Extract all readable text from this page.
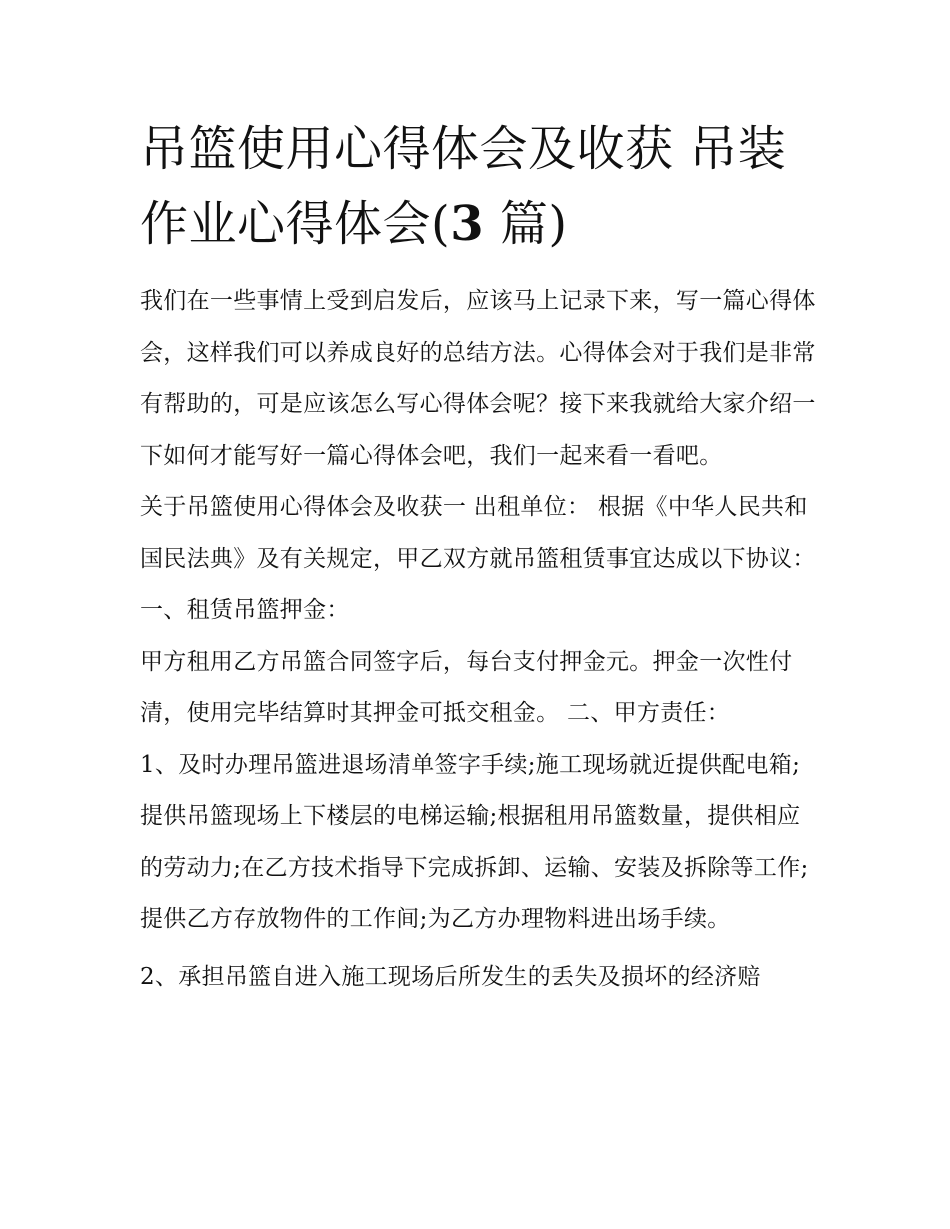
吊篮使用心得体会及收获 吊装作业心得体会(3 篇)

我们在一些事情上受到启发后，应该马上记录下来，写一篇心得体会，这样我们可以养成良好的总结方法。心得体会对于我们是非常有帮助的，可是应该怎么写心得体会呢？接下来我就给大家介绍一下如何才能写好一篇心得体会吧，我们一起来看一看吧。

关于吊篮使用心得体会及收获一 出租单位： 根据《中华人民共和国民法典》及有关规定，甲乙双方就吊篮租赁事宜达成以下协议： 一、租赁吊篮押金：

甲方租用乙方吊篮合同签字后，每台支付押金元。押金一次性付清，使用完毕结算时其押金可抵交租金。 二、甲方责任：

1、及时办理吊篮进退场清单签字手续;施工现场就近提供配电箱;提供吊篮现场上下楼层的电梯运输;根据租用吊篮数量，提供相应的劳动力;在乙方技术指导下完成拆卸、运输、安装及拆除等工作;提供乙方存放物件的工作间;为乙方办理物料进出场手续。

2、承担吊篮自进入施工现场后所发生的丢失及损坏的经济赔
